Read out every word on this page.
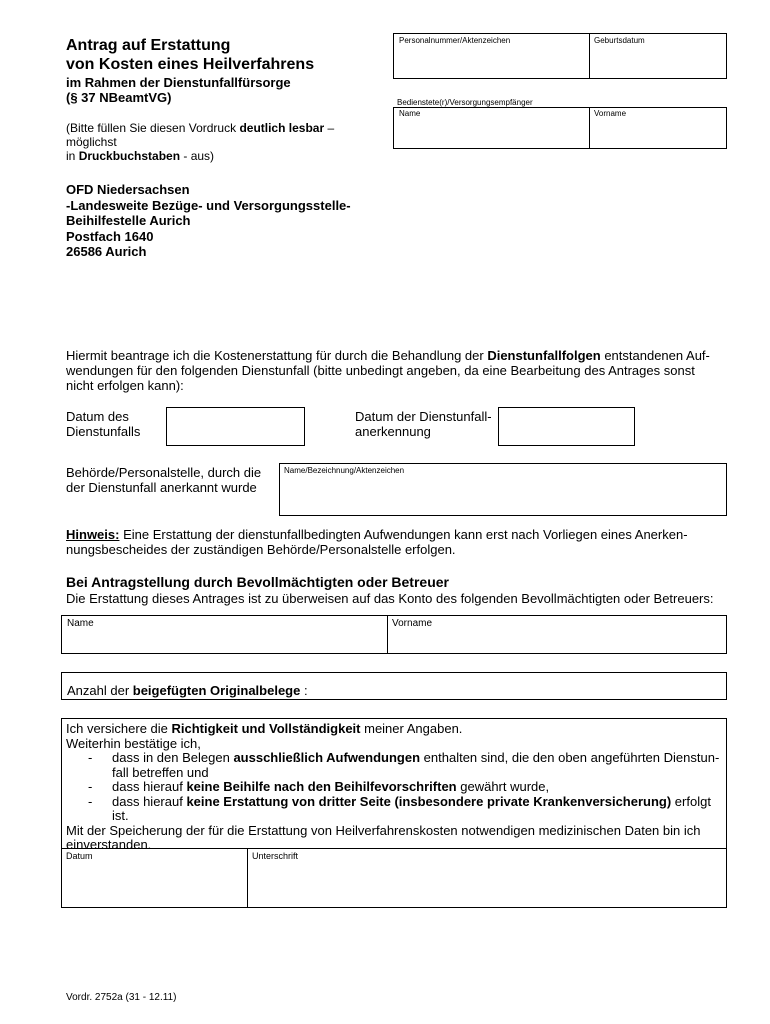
Antrag auf Erstattung
von Kosten eines Heilverfahrens
im Rahmen der Dienstunfallfürsorge
(§ 37 NBeamtVG)
(Bitte füllen Sie diesen Vordruck deutlich lesbar – möglichst
in Druckbuchstaben - aus)
Personalnummer/Aktenzeichen	Geburtsdatum
Bedienstete(r)/Versorgungsempfänger
Name	Vorname
OFD Niedersachsen
-Landesweite Bezüge- und Versorgungsstelle-
Beihilfestelle Aurich
Postfach 1640
26586 Aurich
Hiermit beantrage ich die Kostenerstattung für durch die Behandlung der Dienstunfallfolgen entstandenen Auf-
wendungen für den folgenden Dienstunfall (bitte unbedingt angeben, da eine Bearbeitung des Antrages sonst
nicht erfolgen kann):
Datum des
Dienstunfalls
Datum der Dienstunfall-
anerkennung
Behörde/Personalstelle, durch die
der Dienstunfall anerkannt wurde
Name/Bezeichnung/Aktenzeichen
Hinweis: Eine Erstattung der dienstunfallbedingten Aufwendungen kann erst nach Vorliegen eines Anerken-
nungsbescheides der zuständigen Behörde/Personalstelle erfolgen.
Bei Antragstellung durch Bevollmächtigten oder Betreuer
Die Erstattung dieses Antrages ist zu überweisen auf das Konto des folgenden Bevollmächtigten oder Betreuers:
Name	Vorname
Anzahl der beigefügten Originalbelege :
Datum	Unterschrift
Ich versichere die Richtigkeit und Vollständigkeit meiner Angaben.
Weiterhin bestätige ich,
- dass in den Belegen ausschließlich Aufwendungen enthalten sind, die den oben angeführten Dienstun-
fall betreffen und
- dass hierauf keine Beihilfe nach den Beihilfevorschriften gewährt wurde,
- dass hierauf keine Erstattung von dritter Seite (insbesondere private Krankenversicherung) erfolgt
ist.
Mit der Speicherung der für die Erstattung von Heilverfahrenskosten notwendigen medizinischen Daten bin ich
einverstanden.
Vordr. 2752a (31 - 12.11)
